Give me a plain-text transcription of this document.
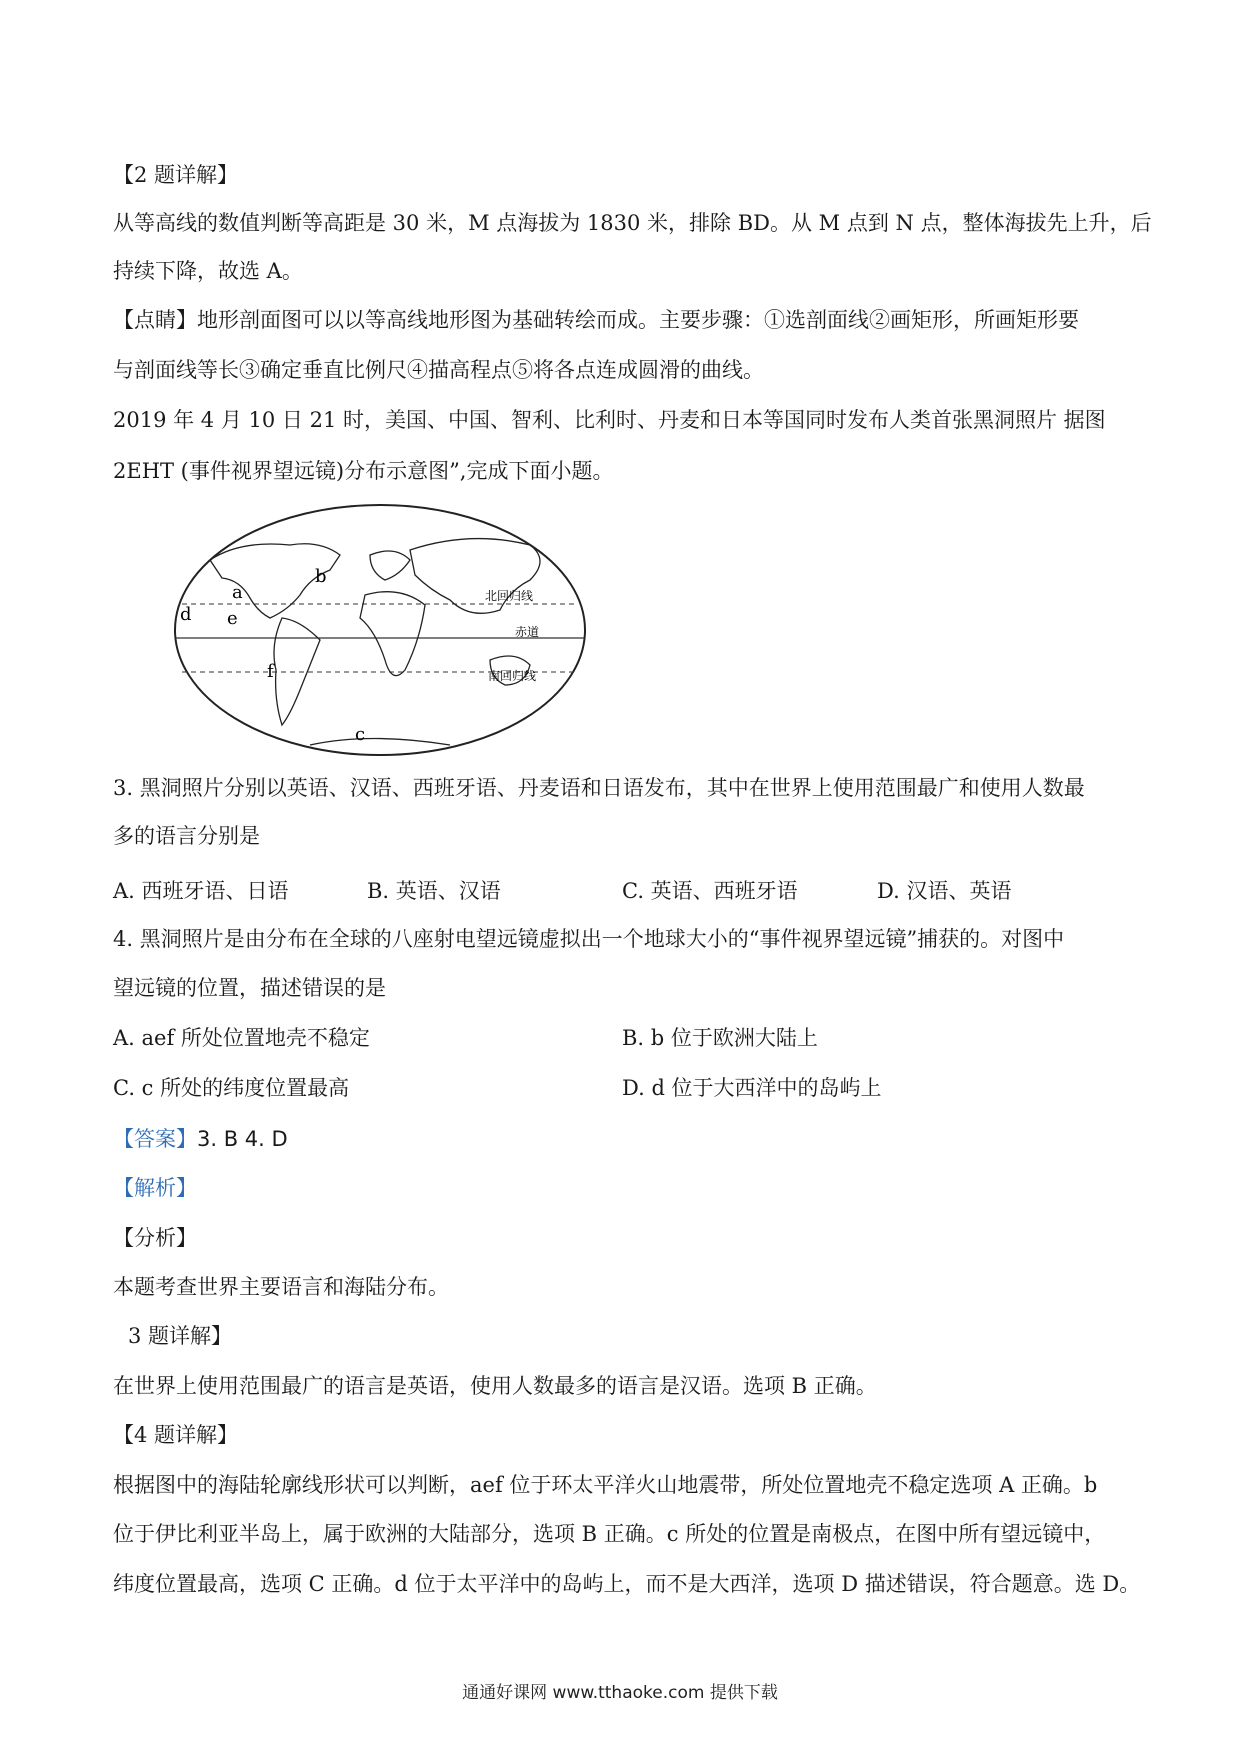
【2 题详解】
从等高线的数值判断等高距是 30 米，M 点海拔为 1830 米，排除 BD。从 M 点到 N 点，整体海拔先上升，后
持续下降，故选 A。
【点睛】地形剖面图可以以等高线地形图为基础转绘而成。主要步骤：①选剖面线②画矩形，所画矩形要
与剖面线等长③确定垂直比例尺④描高程点⑤将各点连成圆滑的曲线。
2019 年 4 月 10 日 21 时，美国、中国、智利、比利时、丹麦和日本等国同时发布人类首张黑洞照片 据图
2EHT (事件视界望远镜)分布示意图”,完成下面小题。
北回归线
赤道
南回归线
a
b
c
d e
f
3. 黑洞照片分别以英语、汉语、西班牙语、丹麦语和日语发布，其中在世界上使用范围最广和使用人数最
多的语言分别是
A. 西班牙语、日语	B. 英语、汉语	C. 英语、西班牙语	D. 汉语、英语
4. 黑洞照片是由分布在全球的八座射电望远镜虚拟出一个地球大小的“事件视界望远镜”捕获的。对图中
望远镜的位置，描述错误的是
A. aef 所处位置地壳不稳定	B. b 位于欧洲大陆上
C. c 所处的纬度位置最高	D. d 位于大西洋中的岛屿上
【答案】3. B 4. D
【解析】
【分析】
本题考查世界主要语言和海陆分布。
3 题详解】
在世界上使用范围最广的语言是英语，使用人数最多的语言是汉语。选项 B 正确。
【4 题详解】
根据图中的海陆轮廓线形状可以判断，aef 位于环太平洋火山地震带，所处位置地壳不稳定选项 A 正确。b
位于伊比利亚半岛上，属于欧洲的大陆部分，选项 B 正确。c 所处的位置是南极点，在图中所有望远镜中，
纬度位置最高，选项 C 正确。d 位于太平洋中的岛屿上，而不是大西洋，选项 D 描述错误，符合题意。选 D。
通通好课网 www.tthaoke.com 提供下载
